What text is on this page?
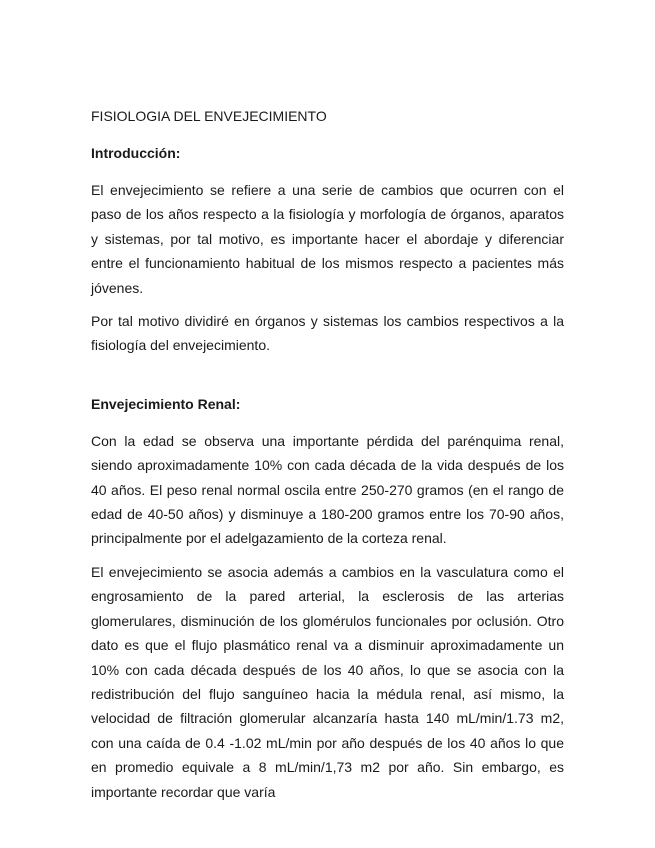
FISIOLOGIA DEL ENVEJECIMIENTO
Introducción:

El envejecimiento se refiere a una serie de cambios que ocurren con el paso de los años respecto a la fisiología y morfología de órganos, aparatos y sistemas, por tal motivo, es importante hacer el abordaje y diferenciar entre el funcionamiento habitual de los mismos respecto a pacientes más jóvenes.

Por tal motivo dividiré en órganos y sistemas los cambios respectivos a la fisiología del envejecimiento.

Envejecimiento Renal:

Con la edad se observa una importante pérdida del parénquima renal, siendo aproximadamente 10% con cada década de la vida después de los 40 años. El peso renal normal oscila entre 250-270 gramos (en el rango de edad de 40-50 años) y disminuye a 180-200 gramos entre los 70-90 años, principalmente por el adelgazamiento de la corteza renal.

El envejecimiento se asocia además a cambios en la vasculatura como el engrosamiento de la pared arterial, la esclerosis de las arterias glomerulares, disminución de los glomérulos funcionales por oclusión. Otro dato es que el flujo plasmático renal va a disminuir aproximadamente un 10% con cada década después de los 40 años, lo que se asocia con la redistribución del flujo sanguíneo hacia la médula renal, así mismo, la velocidad de filtración glomerular alcanzaría hasta 140 mL/min/1.73 m2, con una caída de 0.4 -1.02 mL/min por año después de los 40 años lo que en promedio equivale a 8 mL/min/1,73 m2 por año. Sin embargo, es importante recordar que varía
